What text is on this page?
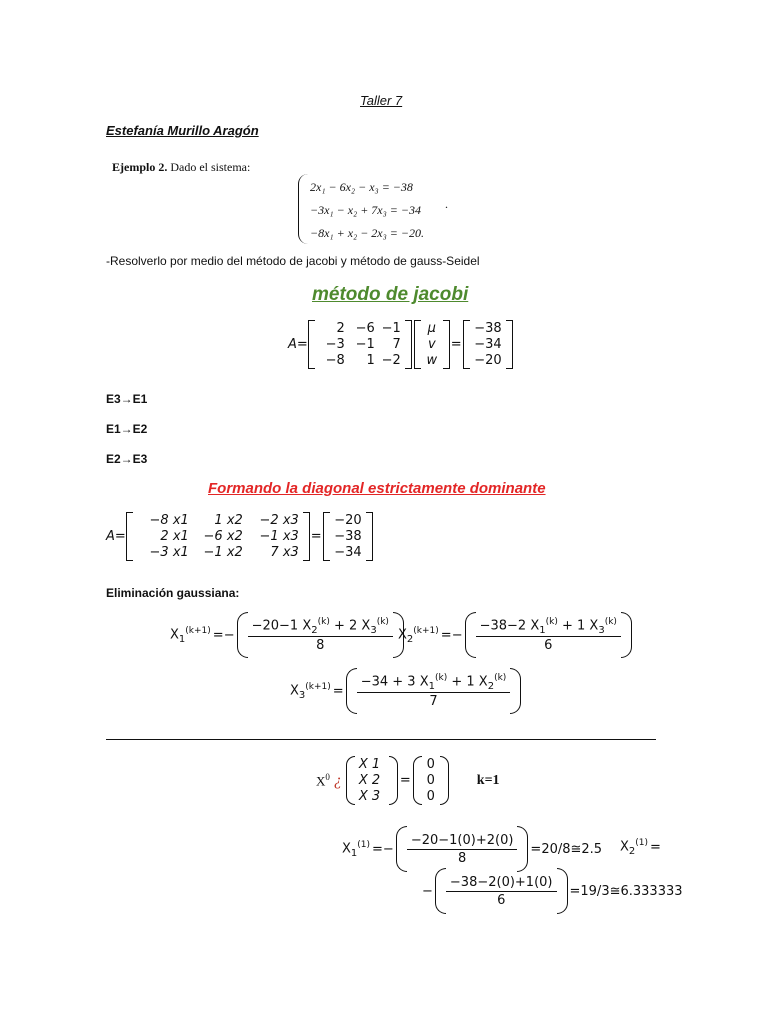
Taller 7
Estefanía Murillo Aragón
Ejemplo 2. Dado el sistema:
2x₁ − 6x₂ − x₃ = −38
−3x₁ − x₂ + 7x₃ = −34
−8x₁ + x₂ − 2x₃ = −20.
.
-Resolverlo por medio del método de jacobi y método de gauss-Seidel
método de jacobi
A=
2 −6 −1
−3 −1	7
−8	1 −2
μ
v
w
=
−38
−34
−20
E3→E1
E1→E2
E2→E3
Formando la diagonal estrictamente dominante
A=
−8 x1	1 x2	−2 x3
2 x1	−6 x2	−1 x3
−3 x1	−1 x2	7 x3
=
−20
−38
−34
Eliminación gaussiana:
$X_1^{(k+1)} =- \frac{-20-1 X_2^{(k)} + 2 X_3^{(k)}}{8} X_2^{(k+1)} =- \frac{-38-2 X_1^{(k)} + 1 X_3^{(k)}}{6}$
$X_3^{(k+1)} = \frac{-34 + 3 X_1^{(k)} + 1 X_2^{(k)}}{7}$
$X^0$ ¿
X 1
X 2
X 3
=
0
0
0
k=1
$X_1^{(1)} =- \frac{-20-1(0)+2(0)}{8}$ =20/8≅2.5 $X_2^{(1)}$ =
− $\frac{-38-2(0)+1(0)}{6}$ =19/3≅6.333333
